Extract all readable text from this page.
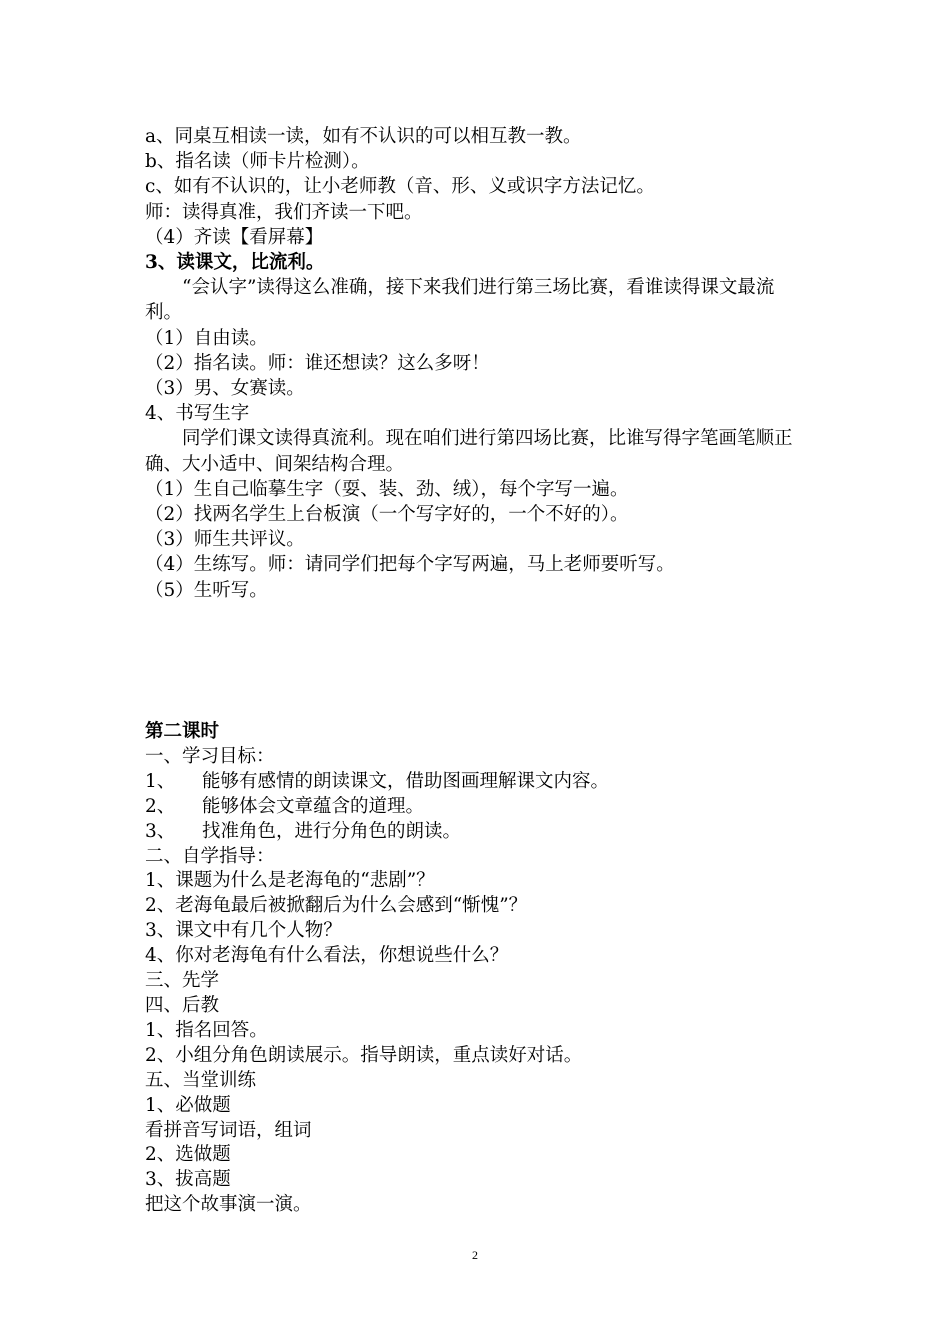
a、同桌互相读一读，如有不认识的可以相互教一教。

b、指名读（师卡片检测）。

c、如有不认识的，让小老师教（音、形、义或识字方法记忆。

师：读得真准，我们齐读一下吧。

（4）齐读【看屏幕】

3、读课文，比流利。

“会认字”读得这么准确，接下来我们进行第三场比赛，看谁读得课文最流利。

（1）自由读。

（2）指名读。师：谁还想读？这么多呀！

（3）男、女赛读。

4、书写生字

同学们课文读得真流利。现在咱们进行第四场比赛，比谁写得字笔画笔顺正确、大小适中、间架结构合理。

（1）生自己临摹生字（耍、装、劲、绒），每个字写一遍。

（2）找两名学生上台板演（一个写字好的，一个不好的）。

（3）师生共评议。

（4）生练写。师：请同学们把每个字写两遍，马上老师要听写。

（5）生听写。

第二课时

一、学习目标：

1、	能够有感情的朗读课文，借助图画理解课文内容。
2、	能够体会文章蕴含的道理。
3、	找准角色，进行分角色的朗读。

二、自学指导：

1、课题为什么是老海龟的“悲剧”？

2、老海龟最后被掀翻后为什么会感到“惭愧”？

3、课文中有几个人物？

4、你对老海龟有什么看法，你想说些什么？

三、先学

四、后教

1、指名回答。

2、小组分角色朗读展示。指导朗读，重点读好对话。

五、当堂训练

1、必做题

看拼音写词语，组词

2、选做题

3、拔高题

把这个故事演一演。

2
